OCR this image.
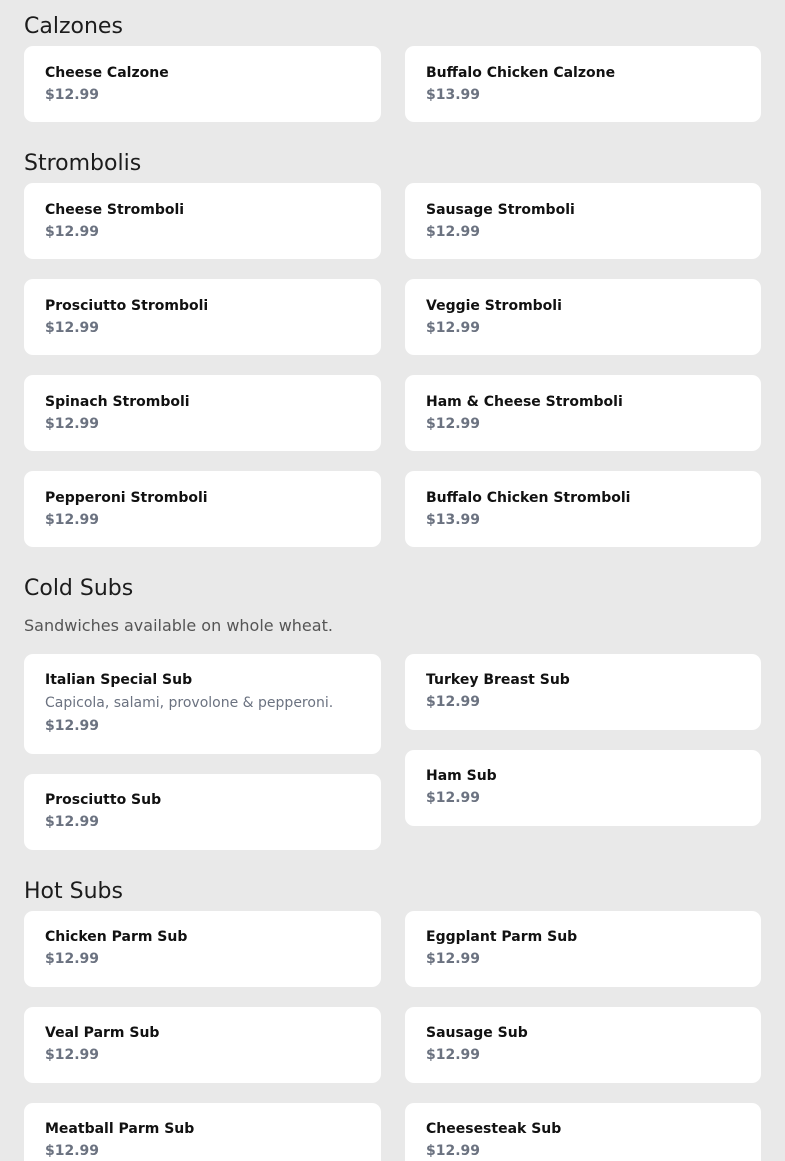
Calzones
Cheese Calzone
$12.99
Buffalo Chicken Calzone
$13.99
Strombolis
Cheese Stromboli
$12.99
Sausage Stromboli
$12.99
Prosciutto Stromboli
$12.99
Veggie Stromboli
$12.99
Spinach Stromboli
$12.99
Ham & Cheese Stromboli
$12.99
Pepperoni Stromboli
$12.99
Buffalo Chicken Stromboli
$13.99
Cold Subs

Sandwiches available on whole wheat.

Italian Special Sub
Capicola, salami, provolone & pepperoni.
$12.99
Turkey Breast Sub
$12.99
Ham Sub
$12.99
Prosciutto Sub
$12.99
Hot Subs
Chicken Parm Sub
$12.99
Eggplant Parm Sub
$12.99
Veal Parm Sub
$12.99
Sausage Sub
$12.99
Meatball Parm Sub
$12.99
Cheesesteak Sub
$12.99
